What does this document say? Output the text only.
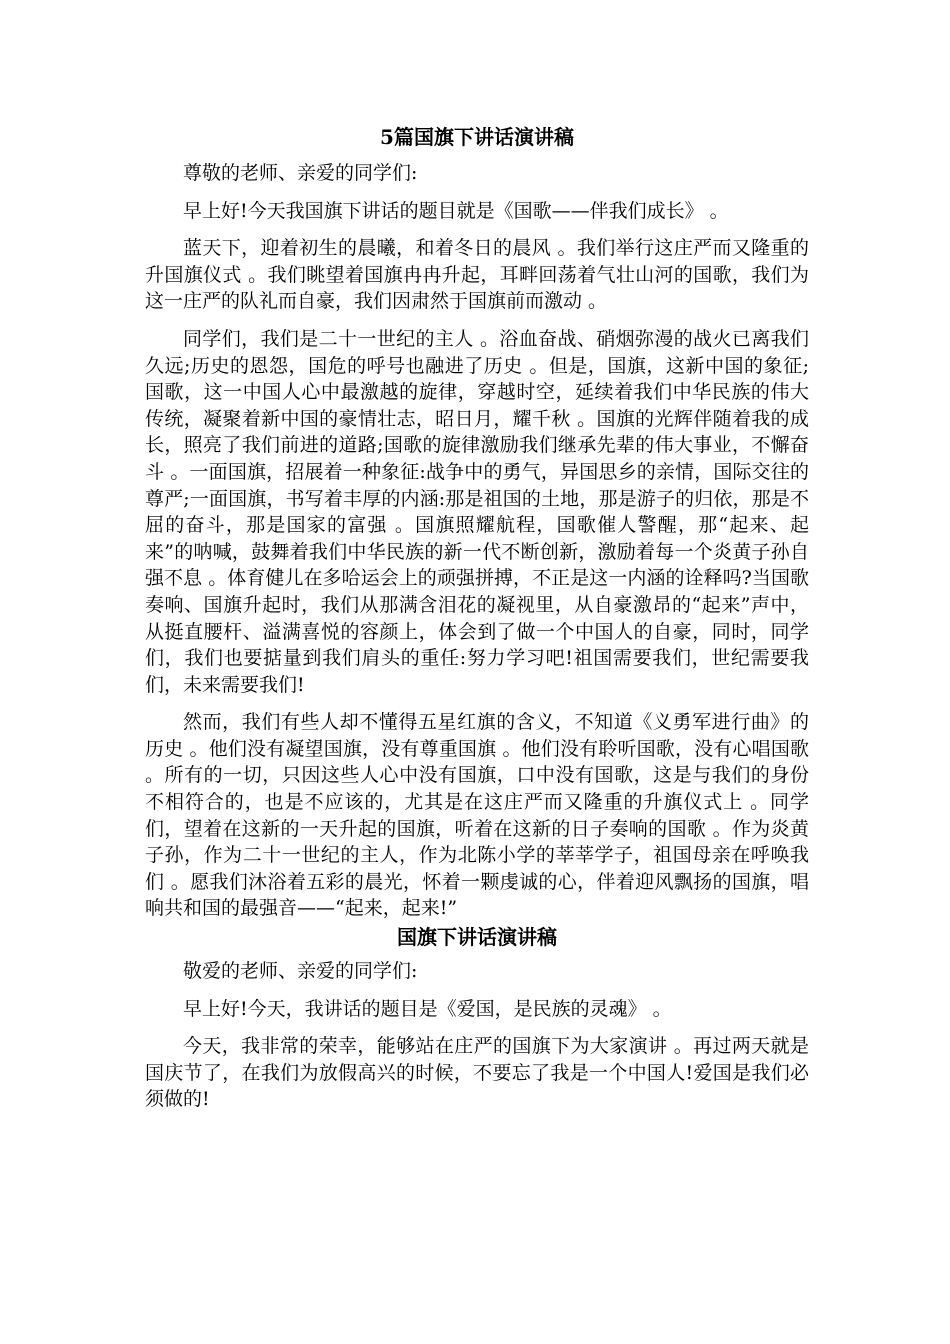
5篇国旗下讲话演讲稿

尊敬的老师、亲爱的同学们:

早上好!今天我国旗下讲话的题目就是《国歌——伴我们成长》 。

蓝天下，迎着初生的晨曦，和着冬日的晨风 。我们举行这庄严而又隆重的升国旗仪式 。我们眺望着国旗冉冉升起，耳畔回荡着气壮山河的国歌，我们为这一庄严的队礼而自豪，我们因肃然于国旗前而激动 。

同学们，我们是二十一世纪的主人 。浴血奋战、硝烟弥漫的战火已离我们久远;历史的恩怨，国危的呼号也融进了历史 。但是，国旗，这新中国的象征;国歌，这一中国人心中最激越的旋律，穿越时空，延续着我们中华民族的伟大传统，凝聚着新中国的豪情壮志，昭日月，耀千秋 。国旗的光辉伴随着我的成长，照亮了我们前进的道路;国歌的旋律激励我们继承先辈的伟大事业，不懈奋斗 。一面国旗，招展着一种象征:战争中的勇气，异国思乡的亲情，国际交往的尊严;一面国旗，书写着丰厚的内涵:那是祖国的土地，那是游子的归依，那是不屈的奋斗，那是国家的富强 。国旗照耀航程，国歌催人警醒，那“起来、起来”的呐喊，鼓舞着我们中华民族的新一代不断创新，激励着每一个炎黄子孙自强不息 。体育健儿在多哈运会上的顽强拼搏，不正是这一内涵的诠释吗?当国歌奏响、国旗升起时，我们从那满含泪花的凝视里，从自豪激昂的“起来”声中，从挺直腰杆、溢满喜悦的容颜上，体会到了做一个中国人的自豪，同时，同学们，我们也要掂量到我们肩头的重任:努力学习吧!祖国需要我们，世纪需要我们，未来需要我们!

然而，我们有些人却不懂得五星红旗的含义，不知道《义勇军进行曲》的历史 。他们没有凝望国旗，没有尊重国旗 。他们没有聆听国歌，没有心唱国歌 。所有的一切，只因这些人心中没有国旗，口中没有国歌，这是与我们的身份不相符合的，也是不应该的，尤其是在这庄严而又隆重的升旗仪式上 。同学们，望着在这新的一天升起的国旗，听着在这新的日子奏响的国歌 。作为炎黄子孙，作为二十一世纪的主人，作为北陈小学的莘莘学子，祖国母亲在呼唤我们 。愿我们沐浴着五彩的晨光，怀着一颗虔诚的心，伴着迎风飘扬的国旗，唱响共和国的最强音——“起来，起来!”

国旗下讲话演讲稿

敬爱的老师、亲爱的同学们:

早上好!今天，我讲话的题目是《爱国，是民族的灵魂》 。

今天，我非常的荣幸，能够站在庄严的国旗下为大家演讲 。再过两天就是国庆节了，在我们为放假高兴的时候，不要忘了我是一个中国人!爱国是我们必须做的!
